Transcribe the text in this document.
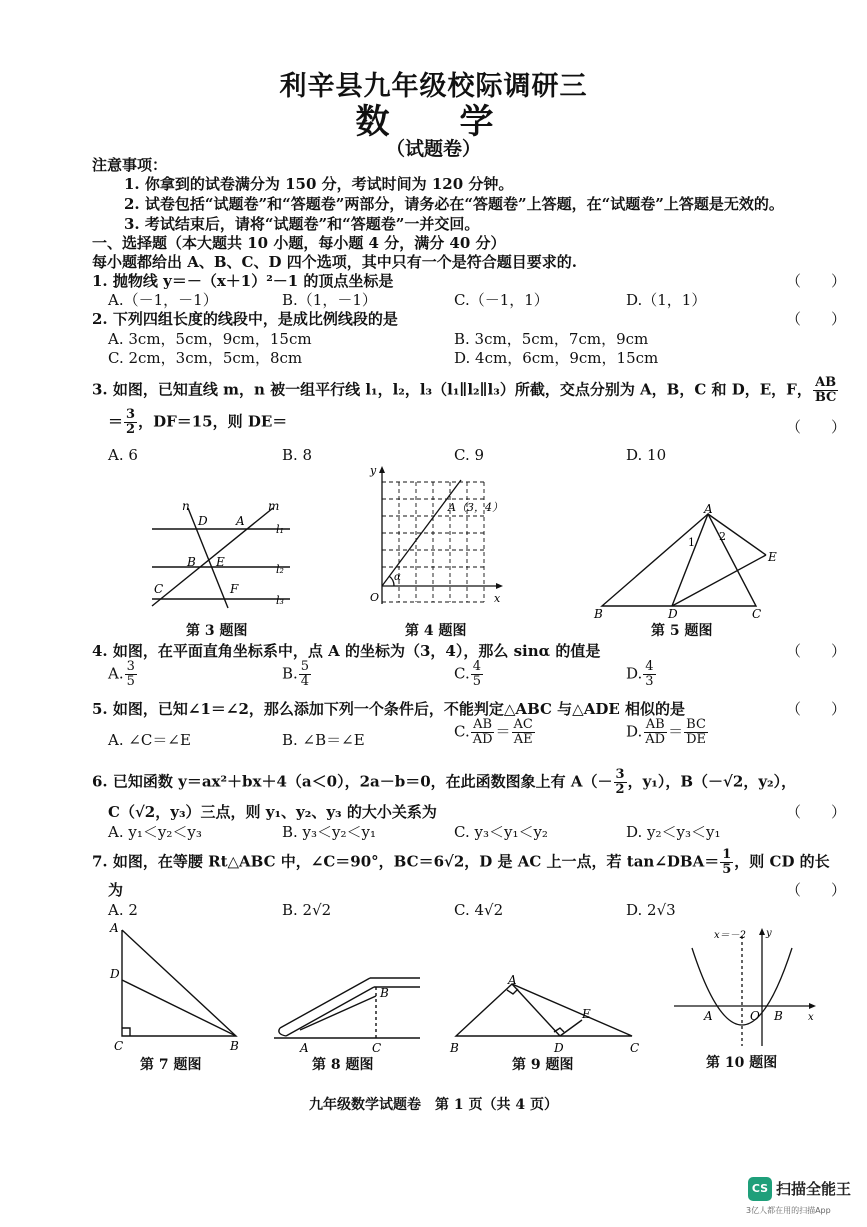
利辛县九年级校际调研三
数　学
（试题卷）
注意事项：
1. 你拿到的试卷满分为 150 分，考试时间为 120 分钟。
2. 试卷包括“试题卷”和“答题卷”两部分，请务必在“答题卷”上答题，在“试题卷”上答题是无效的。
3. 考试结束后，请将“试题卷”和“答题卷”一并交回。
一、选择题（本大题共 10 小题，每小题 4 分，满分 40 分）
每小题都给出 A、B、C、D 四个选项，其中只有一个是符合题目要求的.
1. 抛物线 y＝－（x＋1）²－1 的顶点坐标是	（　　）
A.（－1，－1）	B.（1，－1）	C.（－1，1）	D.（1，1）
2. 下列四组长度的线段中，是成比例线段的是	（　　）
A. 3cm，5cm，9cm，15cm	B. 3cm，5cm，7cm，9cm
C. 2cm，3cm，5cm，8cm	D. 4cm，6cm，9cm，15cm
3. 如图，已知直线 m，n 被一组平行线 l₁，l₂，l₃（l₁∥l₂∥l₃）所截，交点分别为 A，B，C 和 D，E，F， $\frac{AB}{BC}$
＝ $\frac{3}{2}$ ，DF＝15，则 DE＝	（　　）
A. 6	B. 8	C. 9	D. 10
n	m
D A
l₁
B E
l₂
C	F
l₃
第 3 题图
y
x
O
α
A（3，4）
第 4 题图
A
1 2
E
B	D	C
第 5 题图
4. 如图，在平面直角坐标系中，点 A 的坐标为（3，4），那么 sinα 的值是	（　　）
A. $\frac{3}{5}$	B. $\frac{5}{4}$	C. $\frac{4}{5}$	D. $\frac{4}{3}$
5. 如图，已知∠1＝∠2，那么添加下列一个条件后，不能判定△ABC 与△ADE 相似的是	（　　）
A. ∠C＝∠E	B. ∠B＝∠E	C. $\frac{AB}{AD} = \frac{AC}{AE}$	D. $\frac{AB}{AD} = \frac{BC}{DE}$
6. 已知函数 y＝ax²＋bx＋4（a＜0），2a－b＝0，在此函数图象上有 $A(- \frac{3}{2}$ ，y₁），B（－√2，y₂），
C（√2，y₃）三点，则 y₁、y₂、y₃ 的大小关系为	（　　）
A. y₁＜y₂＜y₃	B. y₃＜y₂＜y₁	C. y₃＜y₁＜y₂	D. y₂＜y₃＜y₁
7. 如图，在等腰 Rt△ABC 中，∠C＝90°，BC＝6√2，D 是 AC 上一点，若 tan∠DBA＝ $\frac{1}{5}$ ，则 CD 的长
为	（　　）
A. 2	B. 2√2	C. 4√2	D. 2√3
A
D
C	B
第 7 题图
B
A	C
第 8 题图
A
E
B	D	C
第 9 题图
x＝－2 y
x
A	O B
第 10 题图
九年级数学试题卷　第 1 页（共 4 页）
CS 扫描全能王
3亿人都在用的扫描App
